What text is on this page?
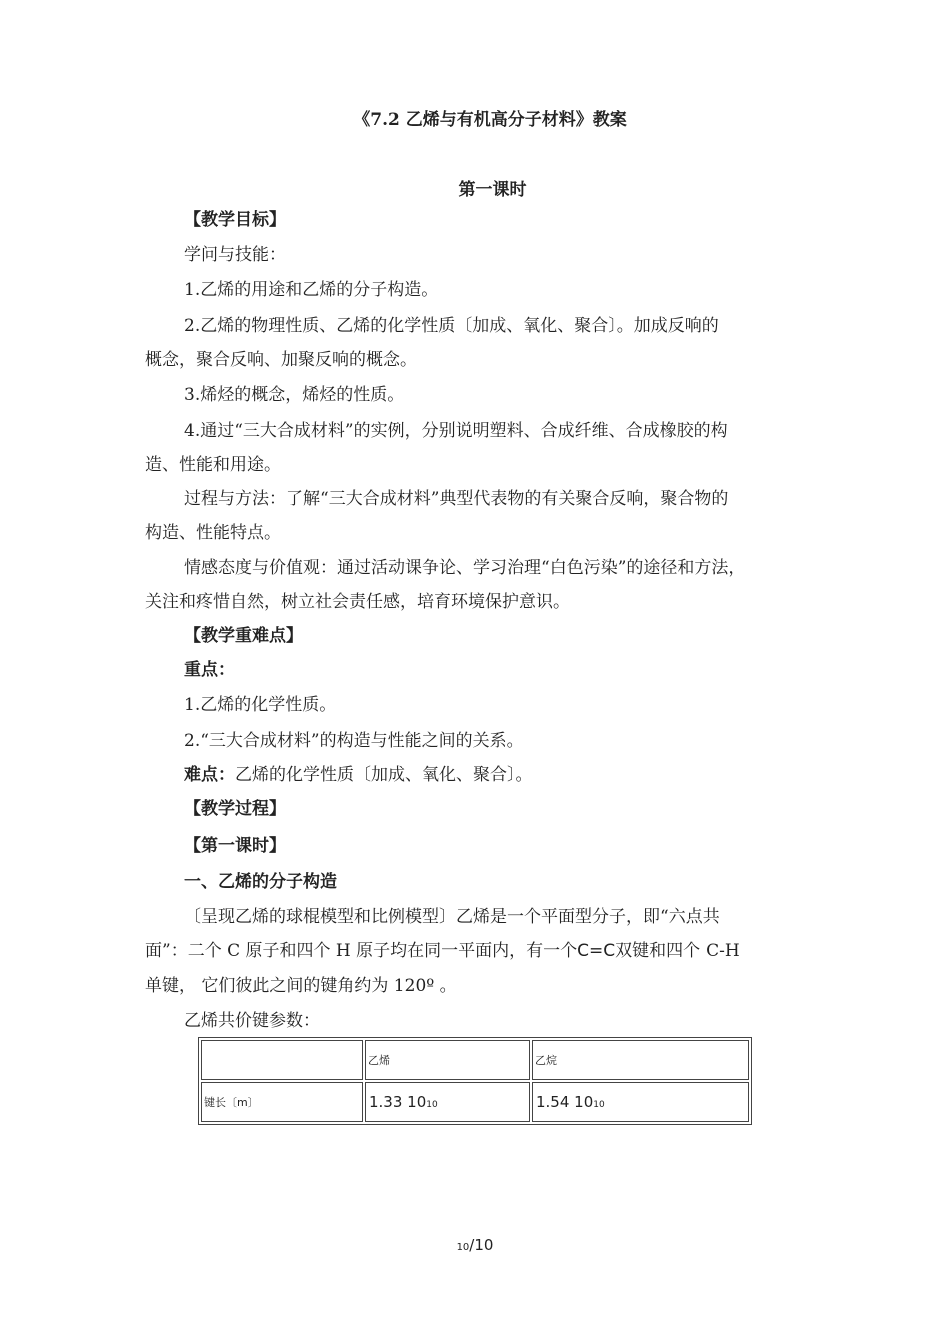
《7.2 乙烯与有机高分子材料》教案
第一课时
【教学目标】
学问与技能：
1.乙烯的用途和乙烯的分子构造。
2.乙烯的物理性质、乙烯的化学性质〔加成、氧化、聚合〕。加成反响的
概念，聚合反响、加聚反响的概念。
3.烯烃的概念，烯烃的性质。
4.通过“三大合成材料”的实例，分别说明塑料、合成纤维、合成橡胶的构
造、性能和用途。
过程与方法：了解“三大合成材料”典型代表物的有关聚合反响，聚合物的
构造、性能特点。
情感态度与价值观：通过活动课争论、学习治理“白色污染”的途径和方法，
关注和疼惜自然，树立社会责任感，培育环境保护意识。
【教学重难点】
重点：
1.乙烯的化学性质。
2.“三大合成材料”的构造与性能之间的关系。
难点：乙烯的化学性质〔加成、氧化、聚合〕。
【教学过程】
【第一课时】
一、乙烯的分子构造
〔呈现乙烯的球棍模型和比例模型〕乙烯是一个平面型分子，即“六点共
面”：二个 C 原子和四个 H 原子均在同一平面内，有一个C=C双键和四个 C-H
单键， 它们彼此之间的键角约为 120º 。
乙烯共价键参数：
	乙烯	乙烷
键长〔m〕	1.33 1010	1.54 1010
10/10
